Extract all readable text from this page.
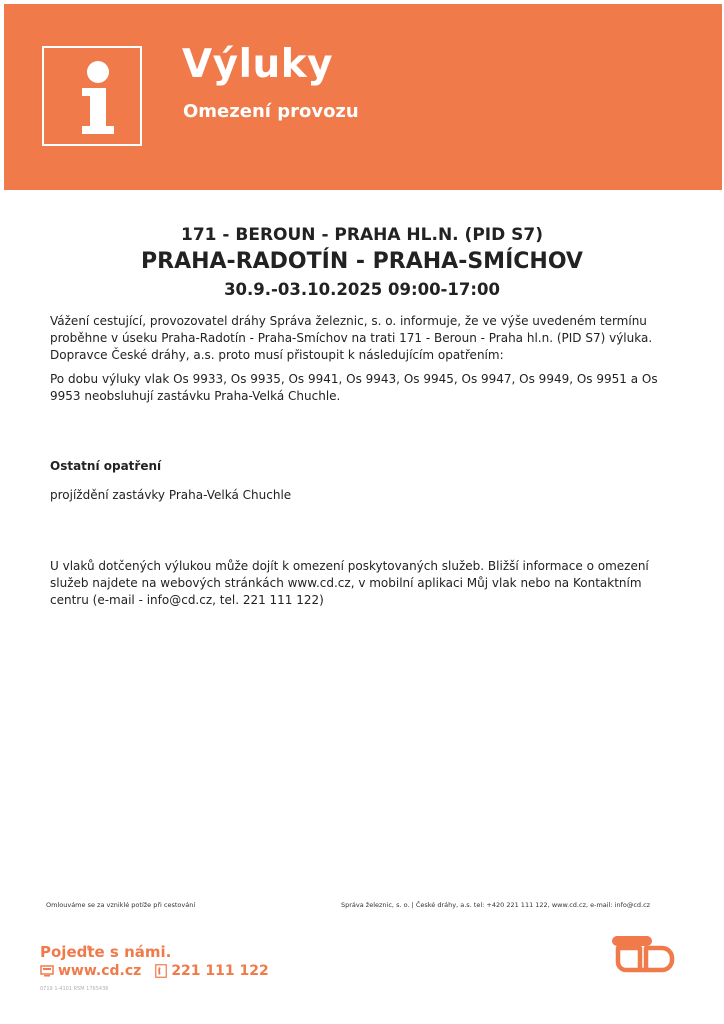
Výluky
Omezení provozu
171 - BEROUN - PRAHA HL.N. (PID S7)
PRAHA-RADOTÍN - PRAHA-SMÍCHOV
30.9.-03.10.2025 09:00-17:00
Vážení cestující, provozovatel dráhy Správa železnic, s. o. informuje, že ve výše uvedeném termínu proběhne v úseku Praha-Radotín - Praha-Smíchov na trati 171 - Beroun - Praha hl.n. (PID S7) výluka. Dopravce České dráhy, a.s. proto musí přistoupit k následujícím opatřením:
Po dobu výluky vlak Os 9933, Os 9935, Os 9941, Os 9943, Os 9945, Os 9947, Os 9949, Os 9951 a Os 9953 neobsluhují zastávku Praha-Velká Chuchle.
Ostatní opatření
projíždění zastávky Praha-Velká Chuchle
U vlaků dotčených výlukou může dojít k omezení poskytovaných služeb. Bližší informace o omezení služeb najdete na webových stránkách www.cd.cz, v mobilní aplikaci Můj vlak nebo na Kontaktním centru (e-mail - info@cd.cz, tel. 221 111 122)
Omlouváme se za vzniklé potíže při cestování	Správa železnic, s. o. | České dráhy, a.s. tel: +420 221 111 122, www.cd.cz, e-mail: info@cd.cz
Pojeďte s námi.
www.cd.cz 221 111 122
0719 1-4101 R5M 1765436
